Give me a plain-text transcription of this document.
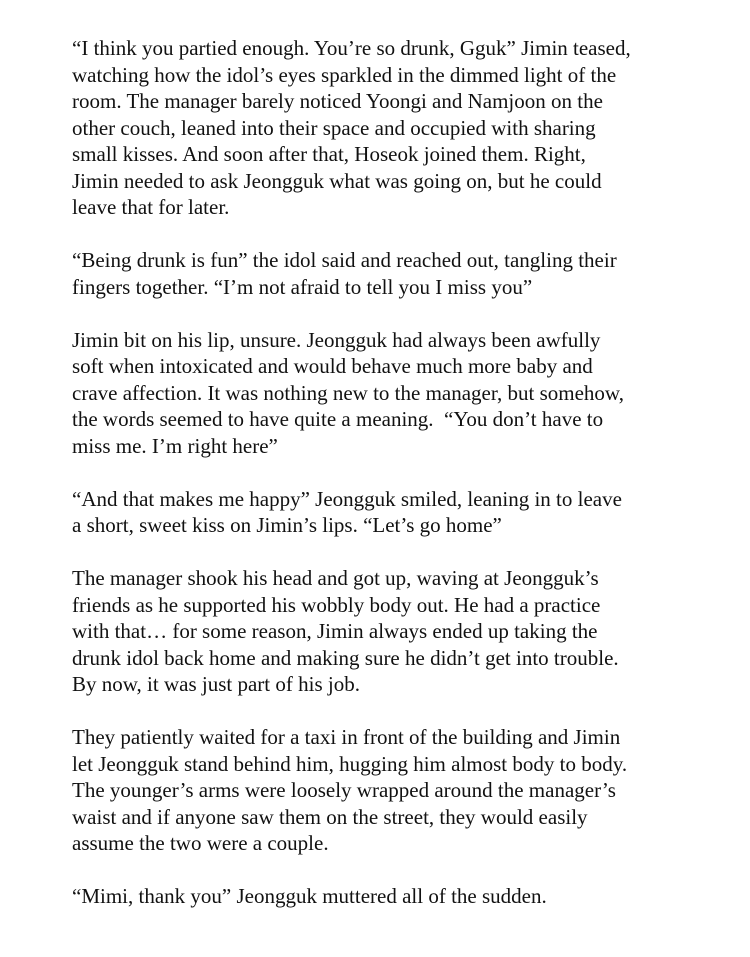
“I think you partied enough. You’re so drunk, Gguk” Jimin teased,
watching how the idol’s eyes sparkled in the dimmed light of the
room. The manager barely noticed Yoongi and Namjoon on the
other couch, leaned into their space and occupied with sharing
small kisses. And soon after that, Hoseok joined them. Right,
Jimin needed to ask Jeongguk what was going on, but he could
leave that for later.

“Being drunk is fun” the idol said and reached out, tangling their
fingers together. “I’m not afraid to tell you I miss you”

Jimin bit on his lip, unsure. Jeongguk had always been awfully
soft when intoxicated and would behave much more baby and
crave affection. It was nothing new to the manager, but somehow,
the words seemed to have quite a meaning.  “You don’t have to
miss me. I’m right here”

“And that makes me happy” Jeongguk smiled, leaning in to leave
a short, sweet kiss on Jimin’s lips. “Let’s go home”

The manager shook his head and got up, waving at Jeongguk’s
friends as he supported his wobbly body out. He had a practice
with that… for some reason, Jimin always ended up taking the
drunk idol back home and making sure he didn’t get into trouble.
By now, it was just part of his job.

They patiently waited for a taxi in front of the building and Jimin
let Jeongguk stand behind him, hugging him almost body to body.
The younger’s arms were loosely wrapped around the manager’s
waist and if anyone saw them on the street, they would easily
assume the two were a couple.

“Mimi, thank you” Jeongguk muttered all of the sudden.
